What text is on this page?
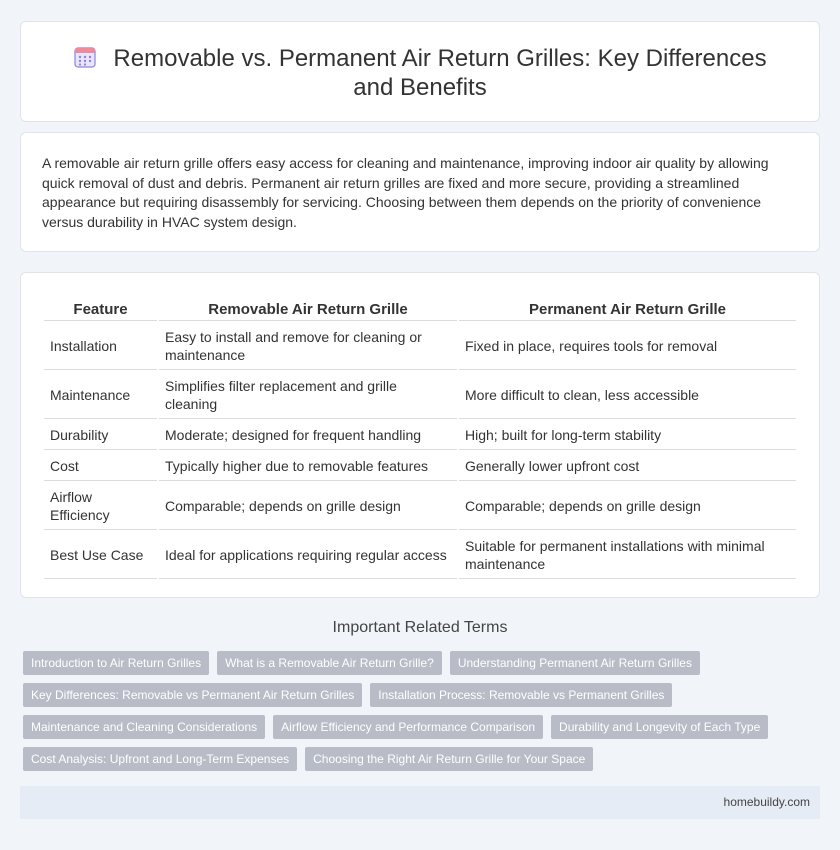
Removable vs. Permanent Air Return Grilles: Key Differences and Benefits

A removable air return grille offers easy access for cleaning and maintenance, improving indoor air quality by allowing quick removal of dust and debris. Permanent air return grilles are fixed and more secure, providing a streamlined appearance but requiring disassembly for servicing. Choosing between them depends on the priority of convenience versus durability in HVAC system design.

Feature	Removable Air Return Grille	Permanent Air Return Grille
Installation	Easy to install and remove for cleaning or maintenance	Fixed in place, requires tools for removal
Maintenance	Simplifies filter replacement and grille cleaning	More difficult to clean, less accessible
Durability	Moderate; designed for frequent handling	High; built for long-term stability
Cost	Typically higher due to removable features	Generally lower upfront cost
Airflow Efficiency	Comparable; depends on grille design	Comparable; depends on grille design
Best Use Case	Ideal for applications requiring regular access	Suitable for permanent installations with minimal maintenance
Important Related Terms
Introduction to Air Return Grilles	What is a Removable Air Return Grille?	Understanding Permanent Air Return Grilles
Key Differences: Removable vs Permanent Air Return Grilles	Installation Process: Removable vs Permanent Grilles
Maintenance and Cleaning Considerations	Airflow Efficiency and Performance Comparison	Durability and Longevity of Each Type
Cost Analysis: Upfront and Long-Term Expenses	Choosing the Right Air Return Grille for Your Space
homebuildy.com
